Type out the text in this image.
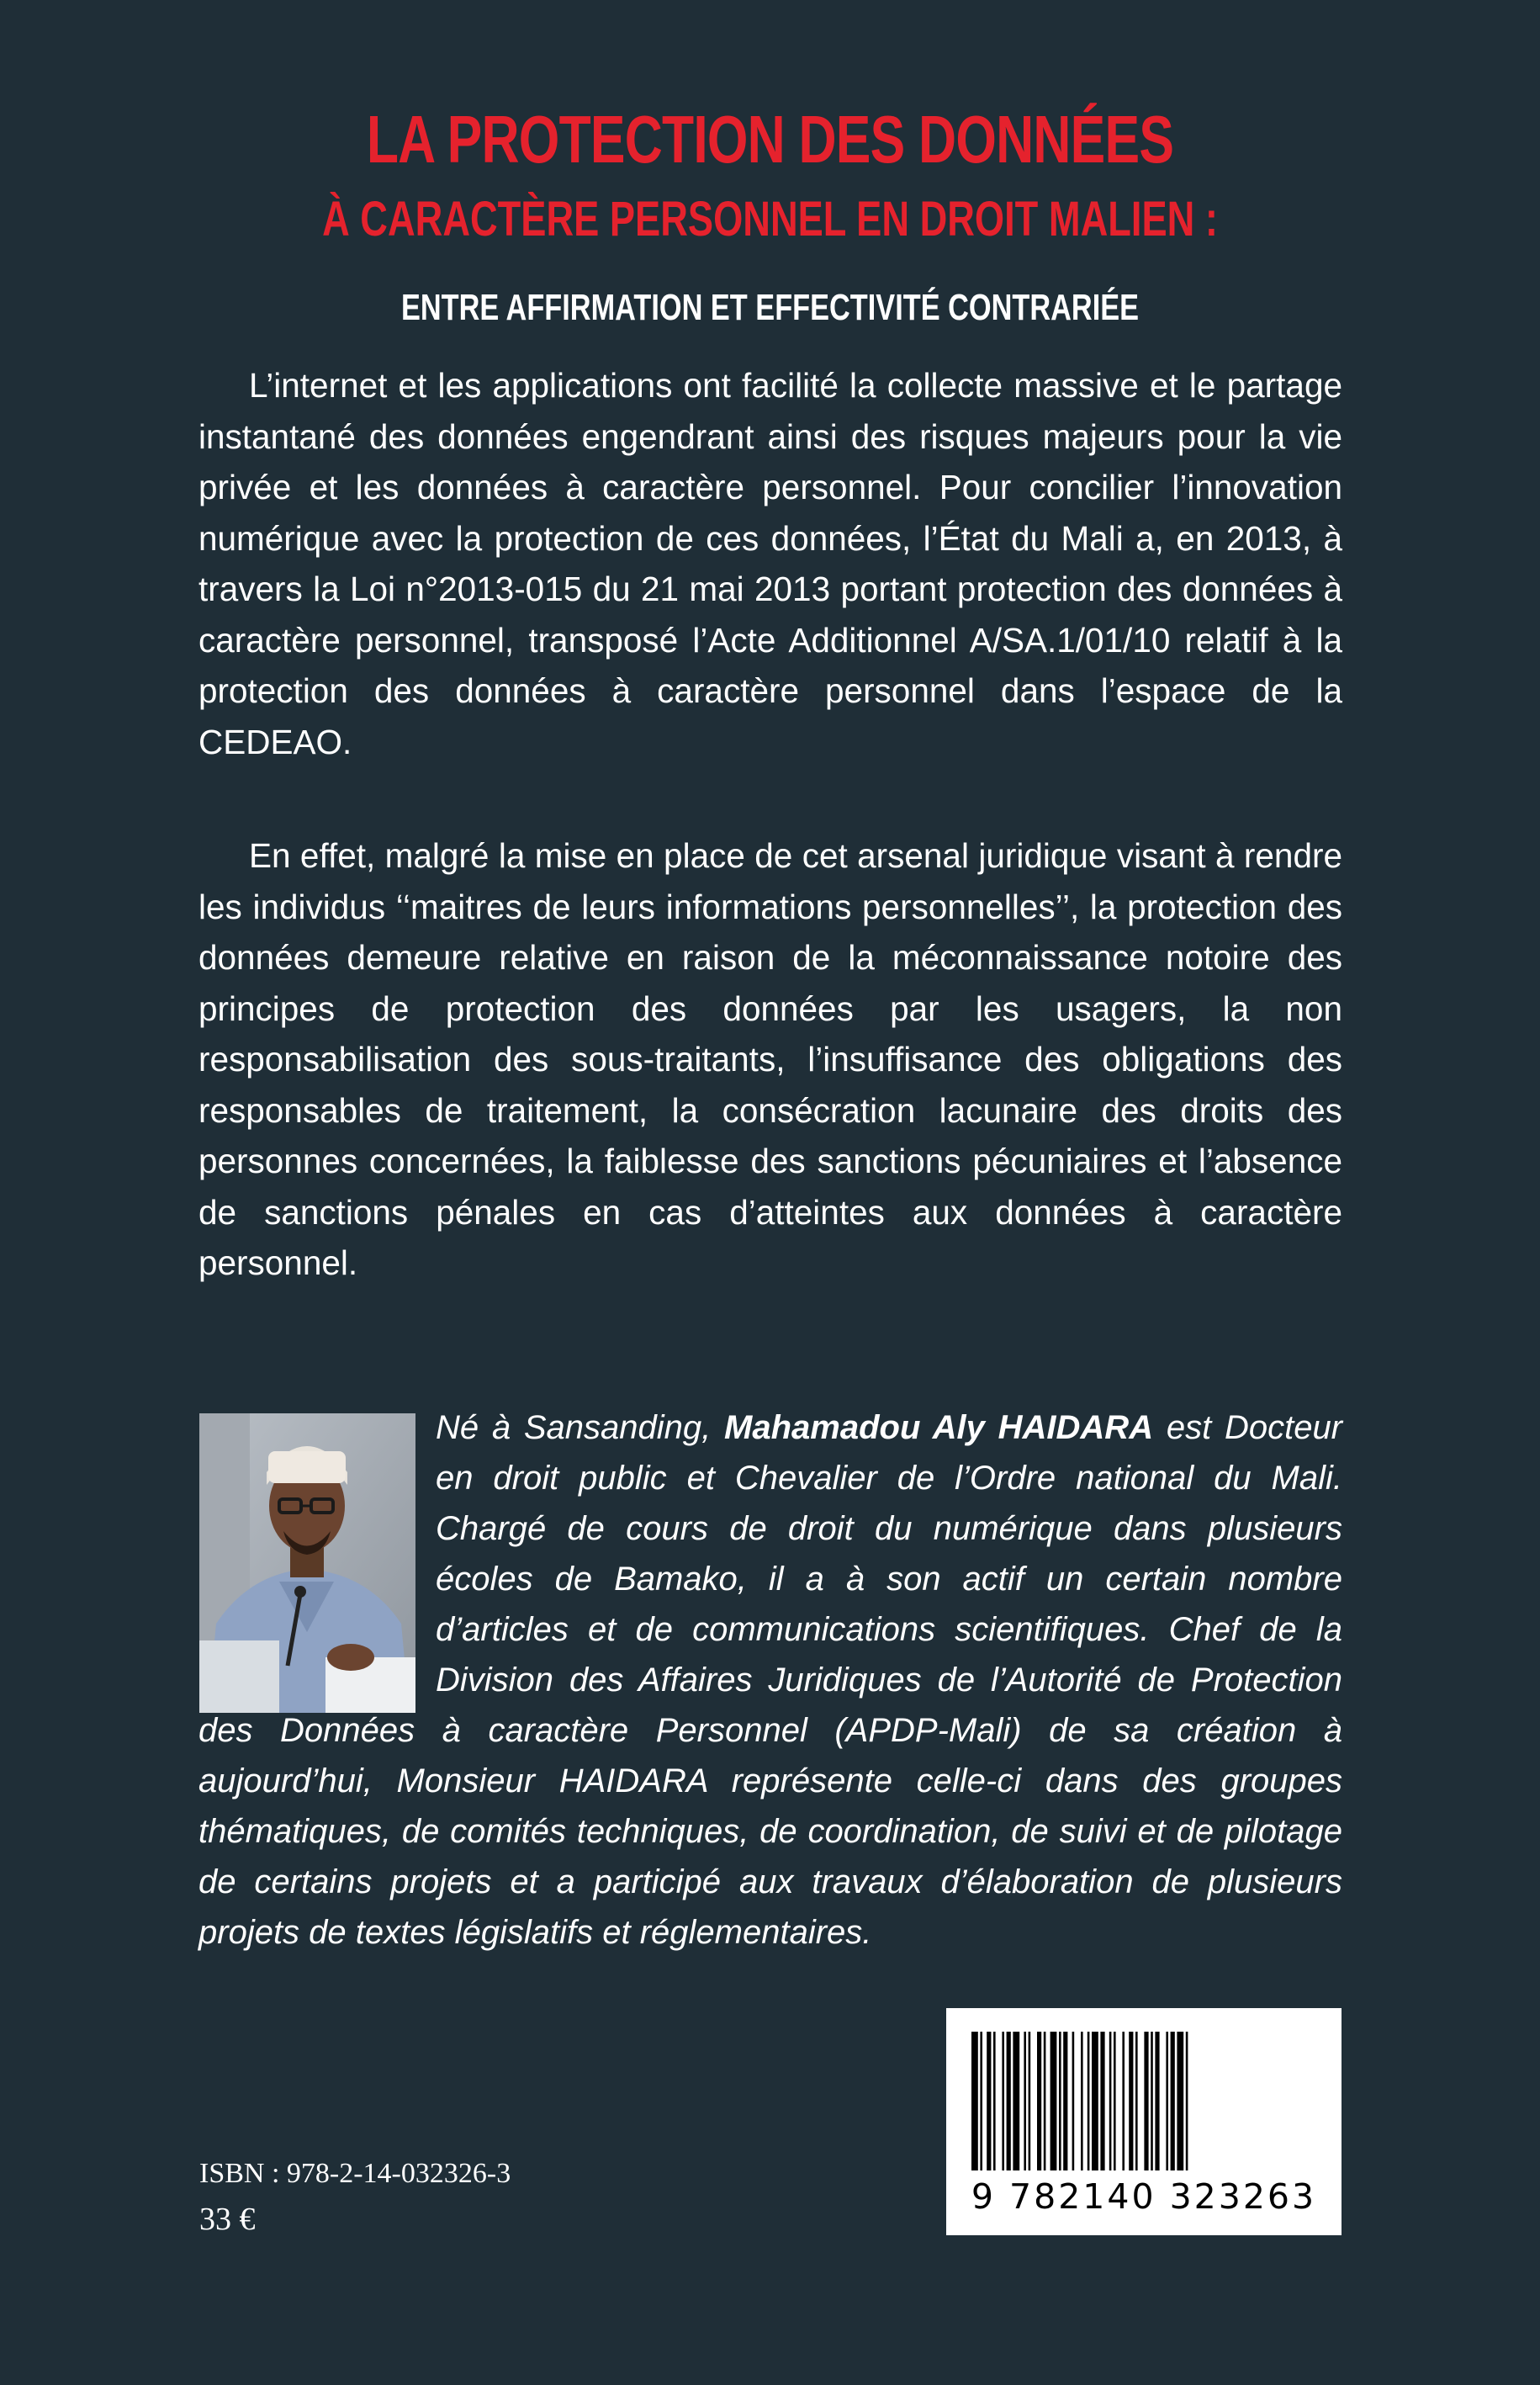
LA PROTECTION DES DONNÉES
À CARACTÈRE PERSONNEL EN DROIT MALIEN :
ENTRE AFFIRMATION ET EFFECTIVITÉ CONTRARIÉE

L’internet et les applications ont facilité la collecte massive et le partage instantané des données engendrant ainsi des risques majeurs pour la vie privée et les données à caractère personnel. Pour concilier l’innovation numérique avec la protection de ces données, l’État du Mali a, en 2013, à travers la Loi n°2013-015 du 21 mai 2013 portant protection des données à caractère personnel, transposé l’Acte Additionnel A/SA.1/01/10 relatif à la protection des données à caractère personnel dans l’espace de la CEDEAO.

En effet, malgré la mise en place de cet arsenal juridique visant à rendre les individus ‘‘maitres de leurs informations personnelles’’, la protection des données demeure relative en raison de la méconnaissance notoire des principes de protection des données par les usagers, la non responsabilisation des sous-traitants, l’insuffisance des obligations des responsables de traitement, la consécration lacunaire des droits des personnes concernées, la faiblesse des sanctions pécuniaires et l’absence de sanctions pénales en cas d’atteintes aux données à caractère personnel.

Né à Sansanding, Mahamadou Aly HAIDARA est Docteur en droit public et Chevalier de l’Ordre national du Mali. Chargé de cours de droit du numérique dans plusieurs écoles de Bamako, il a à son actif un certain nombre d’articles et de communications scientifiques. Chef de la Division des Affaires Juridiques de l’Autorité de Protection des Données à caractère Personnel (APDP-Mali) de sa création à aujourd’hui, Monsieur HAIDARA représente celle-ci dans des groupes thématiques, de comités techniques, de coordination, de suivi et de pilotage de certains projets et a participé aux travaux d’élaboration de plusieurs projets de textes législatifs et réglementaires.

ISBN : 978-2-14-032326-3
33 €
9 782140 323263
